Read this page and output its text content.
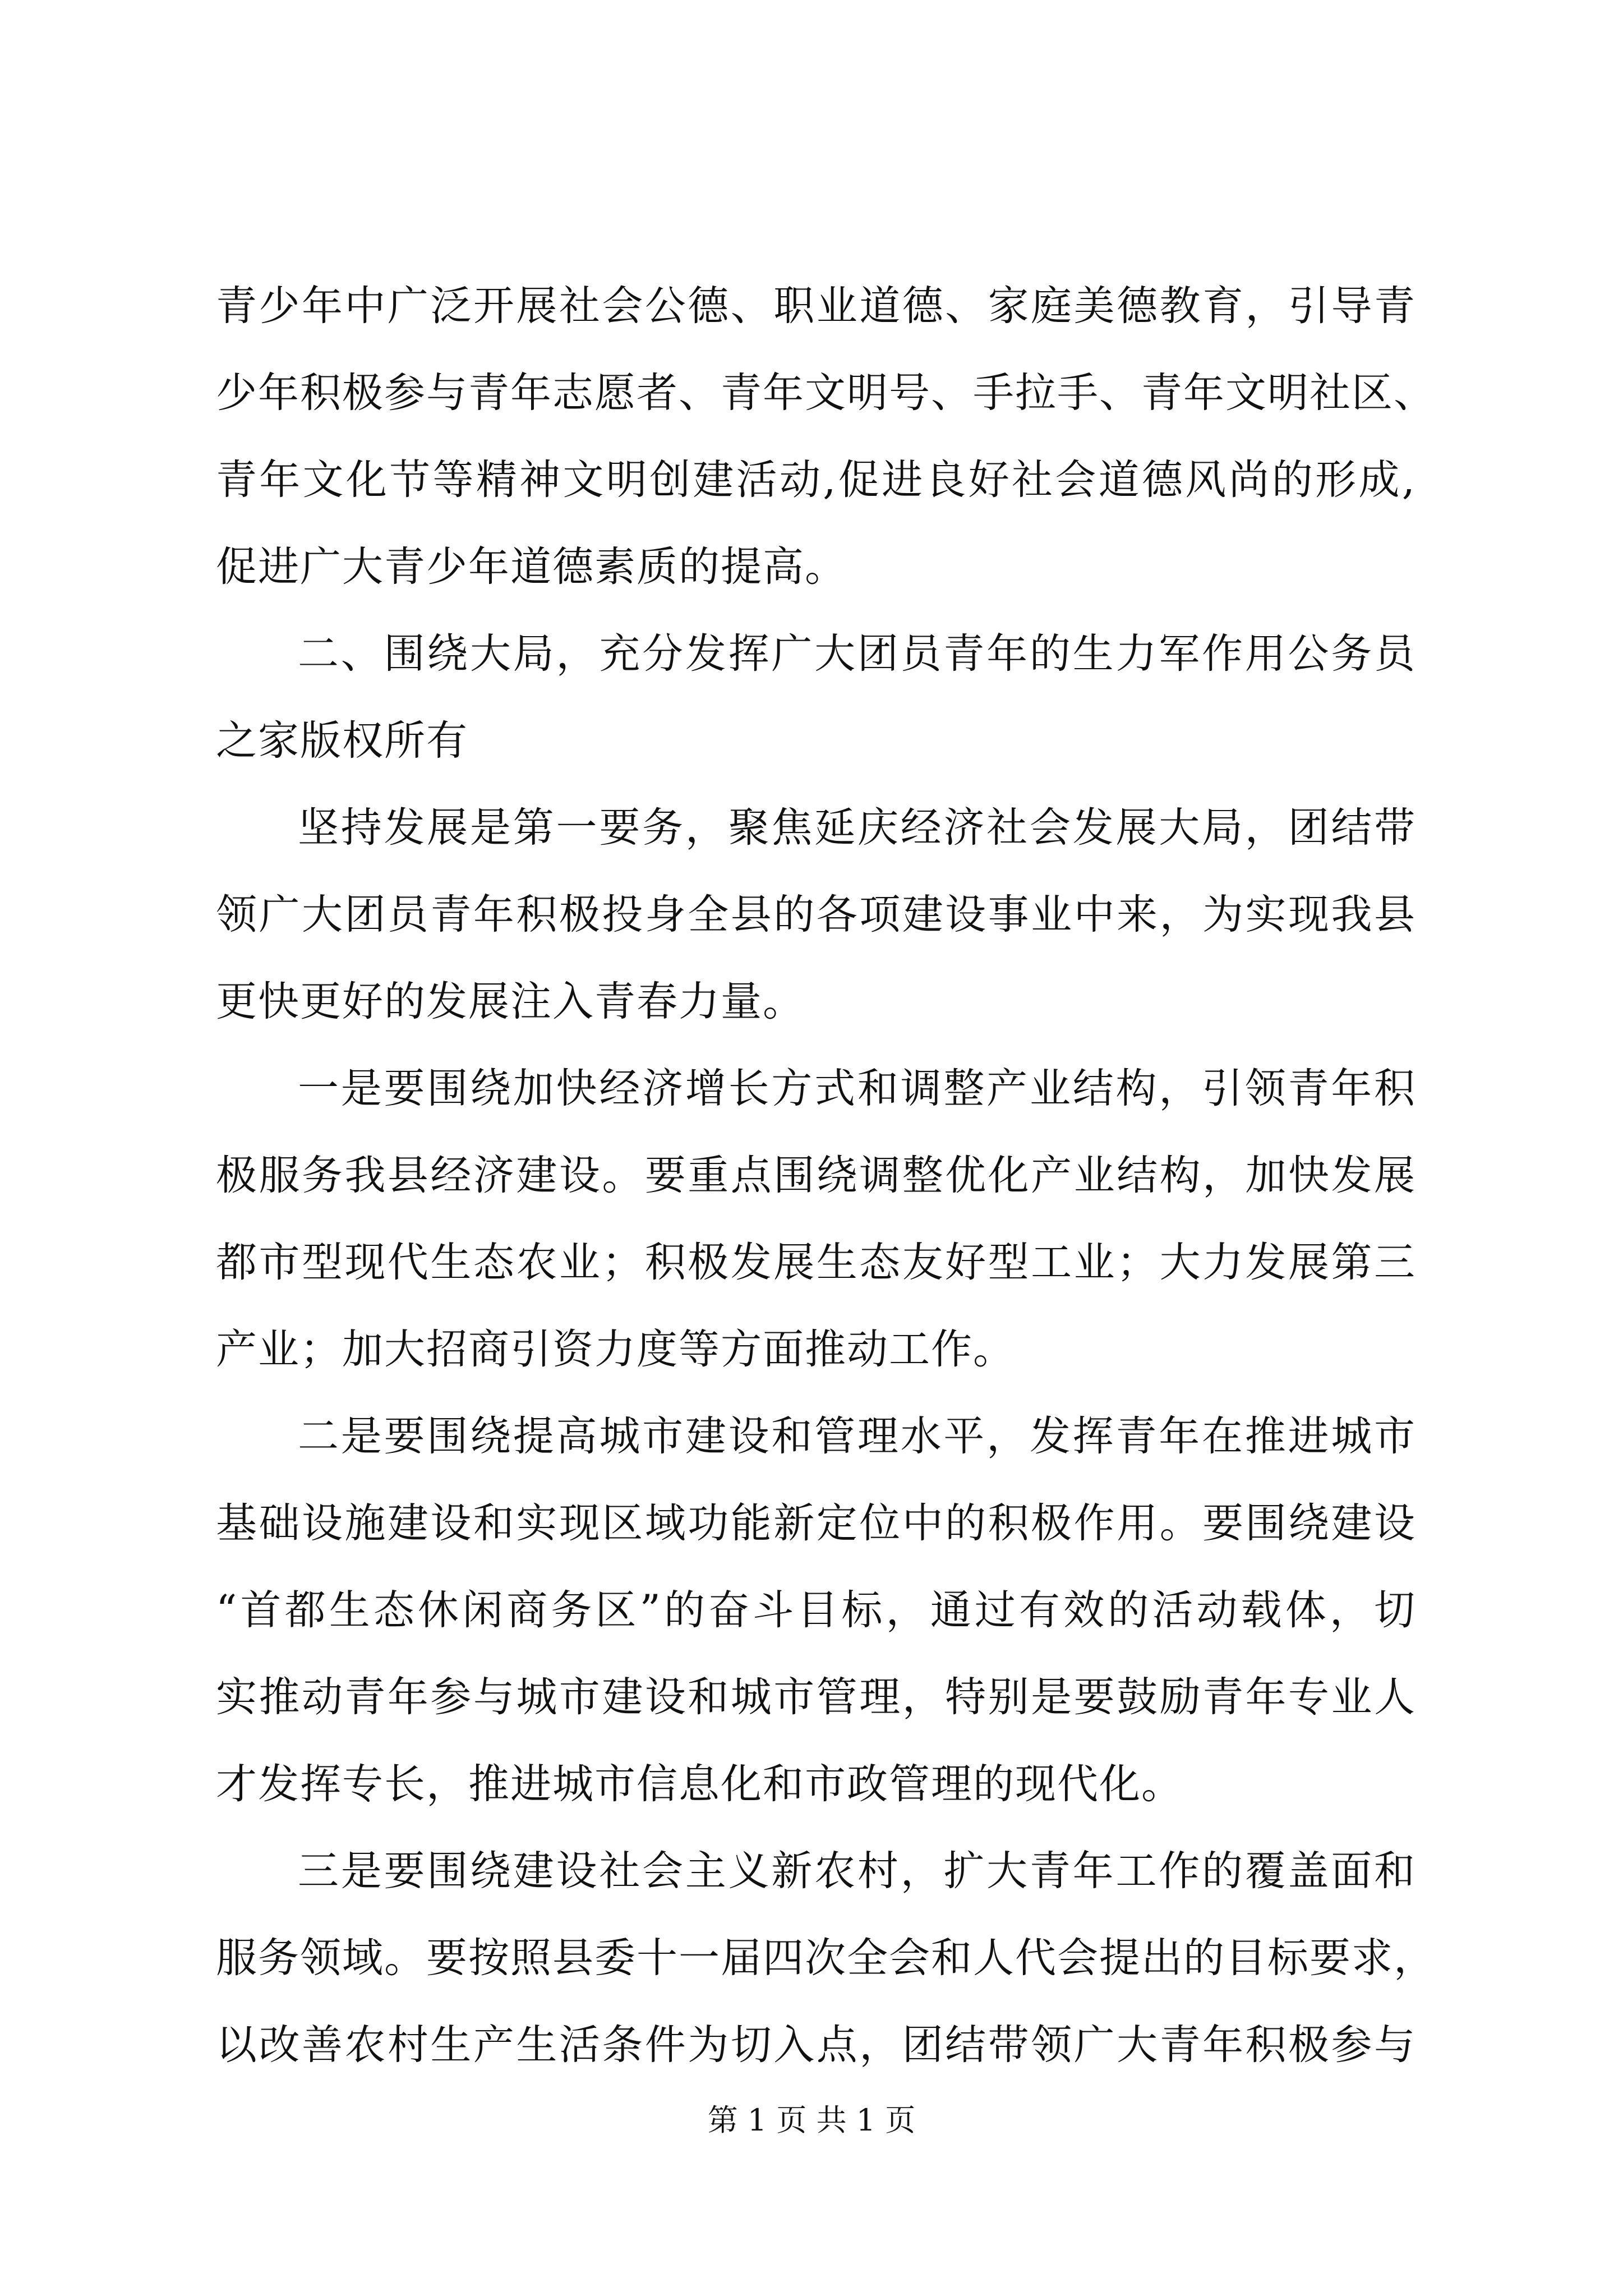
青少年中广泛开展社会公德、职业道德、家庭美德教育，引导青
少年积极参与青年志愿者、青年文明号、手拉手、青年文明社区、
青年文化节等精神文明创建活动,促进良好社会道德风尚的形成,
促进广大青少年道德素质的提高。
二、围绕大局，充分发挥广大团员青年的生力军作用公务员
之家版权所有
坚持发展是第一要务，聚焦延庆经济社会发展大局，团结带
领广大团员青年积极投身全县的各项建设事业中来，为实现我县
更快更好的发展注入青春力量。
一是要围绕加快经济增长方式和调整产业结构，引领青年积
极服务我县经济建设。要重点围绕调整优化产业结构，加快发展
都市型现代生态农业；积极发展生态友好型工业；大力发展第三
产业；加大招商引资力度等方面推动工作。
二是要围绕提高城市建设和管理水平，发挥青年在推进城市
基础设施建设和实现区域功能新定位中的积极作用。要围绕建设
“首都生态休闲商务区”的奋斗目标，通过有效的活动载体，切
实推动青年参与城市建设和城市管理，特别是要鼓励青年专业人
才发挥专长，推进城市信息化和市政管理的现代化。
三是要围绕建设社会主义新农村，扩大青年工作的覆盖面和
服务领域。要按照县委十一届四次全会和人代会提出的目标要求，
以改善农村生产生活条件为切入点，团结带领广大青年积极参与
第 1 页 共 1 页
